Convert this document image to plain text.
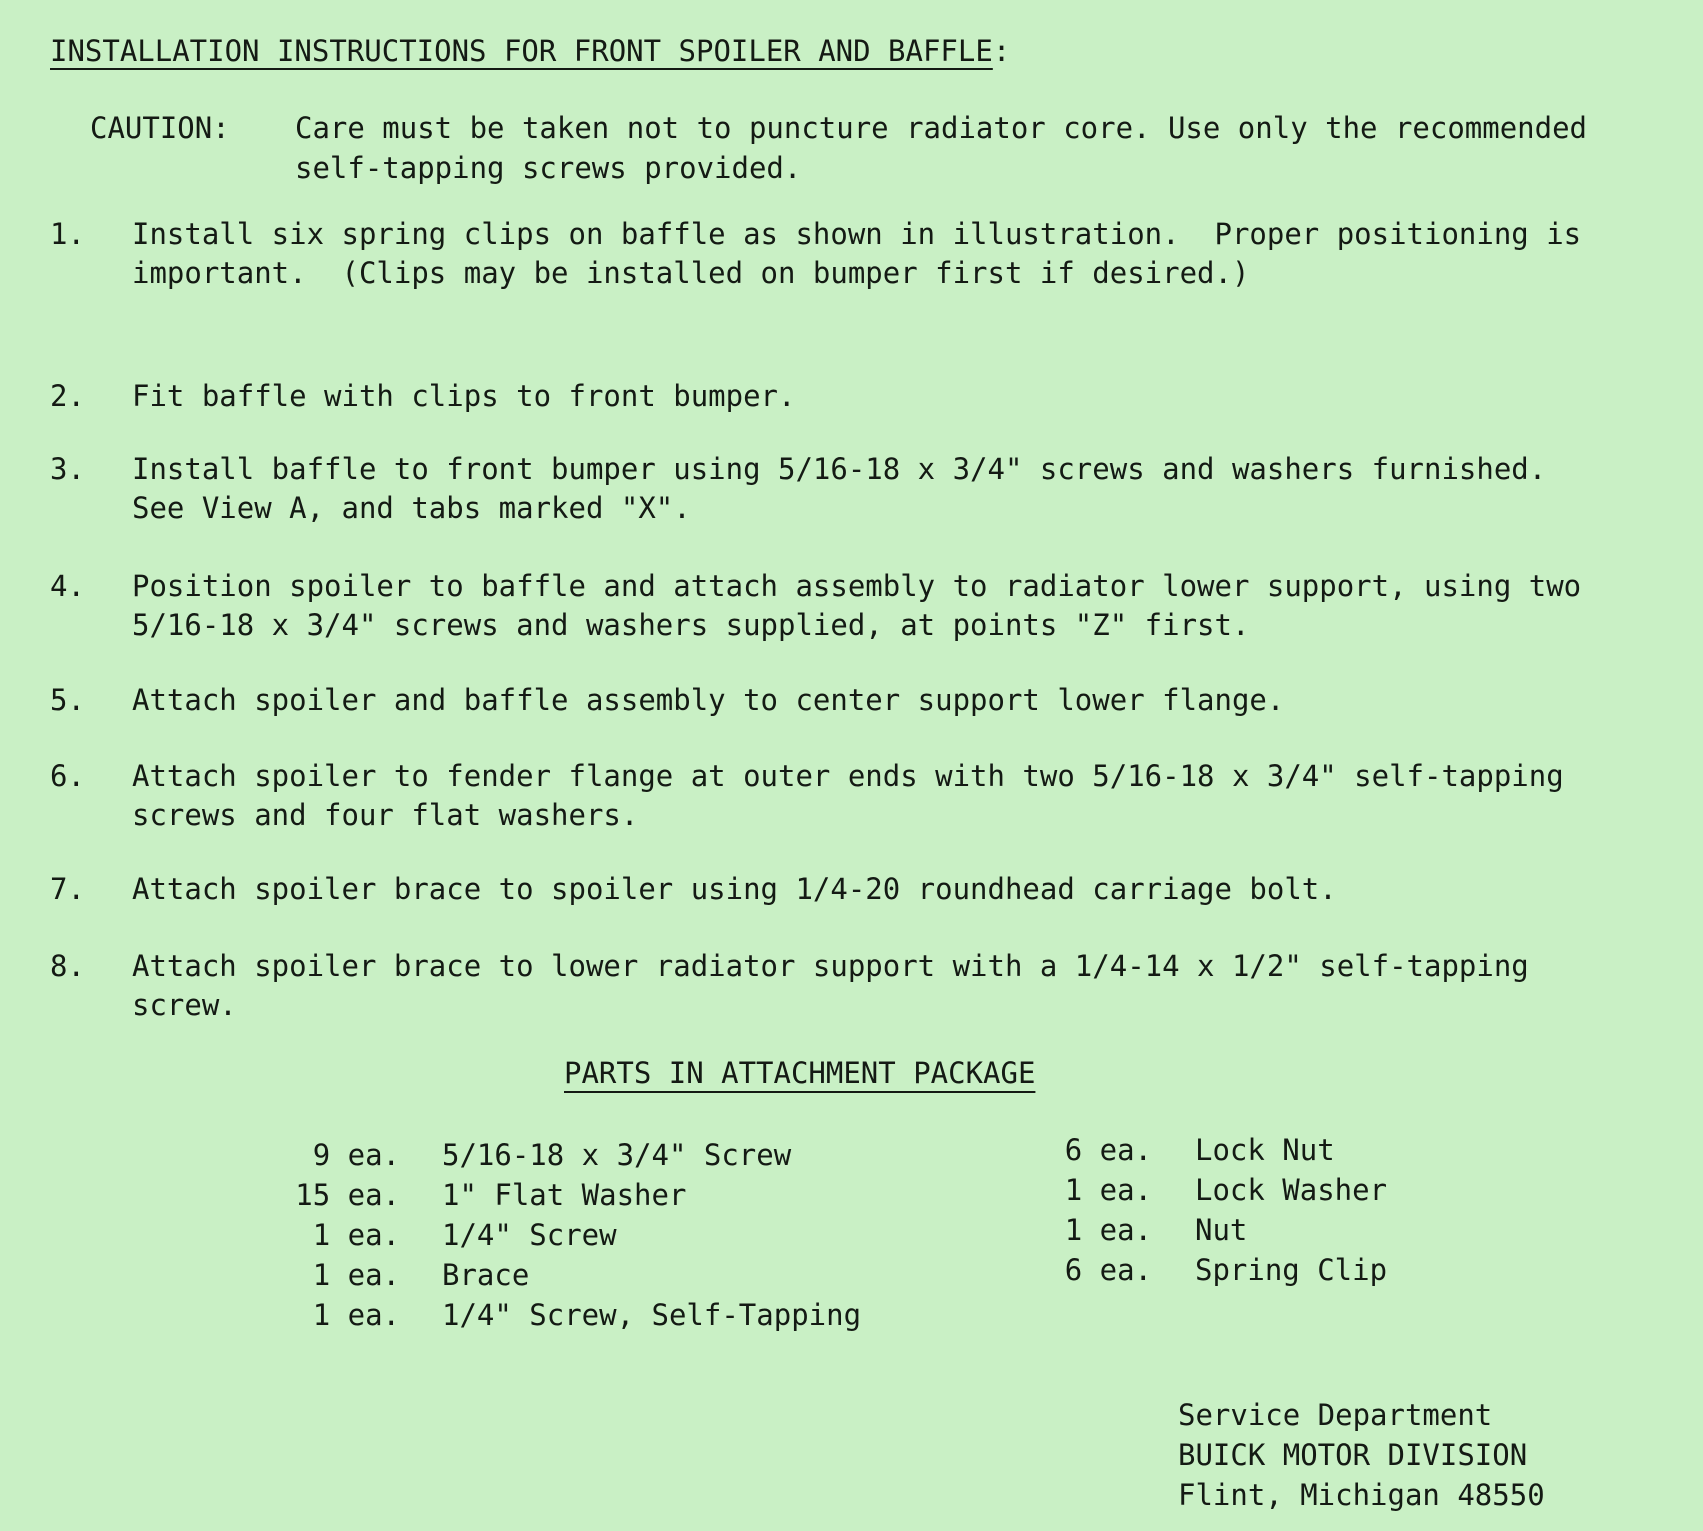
INSTALLATION INSTRUCTIONS FOR FRONT SPOILER AND BAFFLE:
CAUTION:	Care must be taken not to puncture radiator core. Use only the recommended self-tapping screws provided.
1.	Install six spring clips on baffle as shown in illustration.  Proper positioning is important.  (Clips may be installed on bumper first if desired.)
2.	Fit baffle with clips to front bumper.
3.	Install baffle to front bumper using 5/16-18 x 3/4" screws and washers furnished.  See View A, and tabs marked "X".
4.	Position spoiler to baffle and attach assembly to radiator lower support, using two 5/16-18 x 3/4" screws and washers supplied, at points "Z" first.
5.	Attach spoiler and baffle assembly to center support lower flange.
6.	Attach spoiler to fender flange at outer ends with two 5/16-18 x 3/4" self-tapping screws and four flat washers.
7.	Attach spoiler brace to spoiler using 1/4-20 roundhead carriage bolt.
8.	Attach spoiler brace to lower radiator support with a 1/4-14 x 1/2" self-tapping screw.
PARTS IN ATTACHMENT PACKAGE
9 ea.	5/16-18 x 3/4" Screw
15 ea.	1" Flat Washer
1 ea.	1/4" Screw
1 ea.	Brace
1 ea.	1/4" Screw, Self-Tapping
6 ea.	Lock Nut
1 ea.	Lock Washer
1 ea.	Nut
6 ea.	Spring Clip
Service Department
BUICK MOTOR DIVISION
Flint, Michigan 48550
